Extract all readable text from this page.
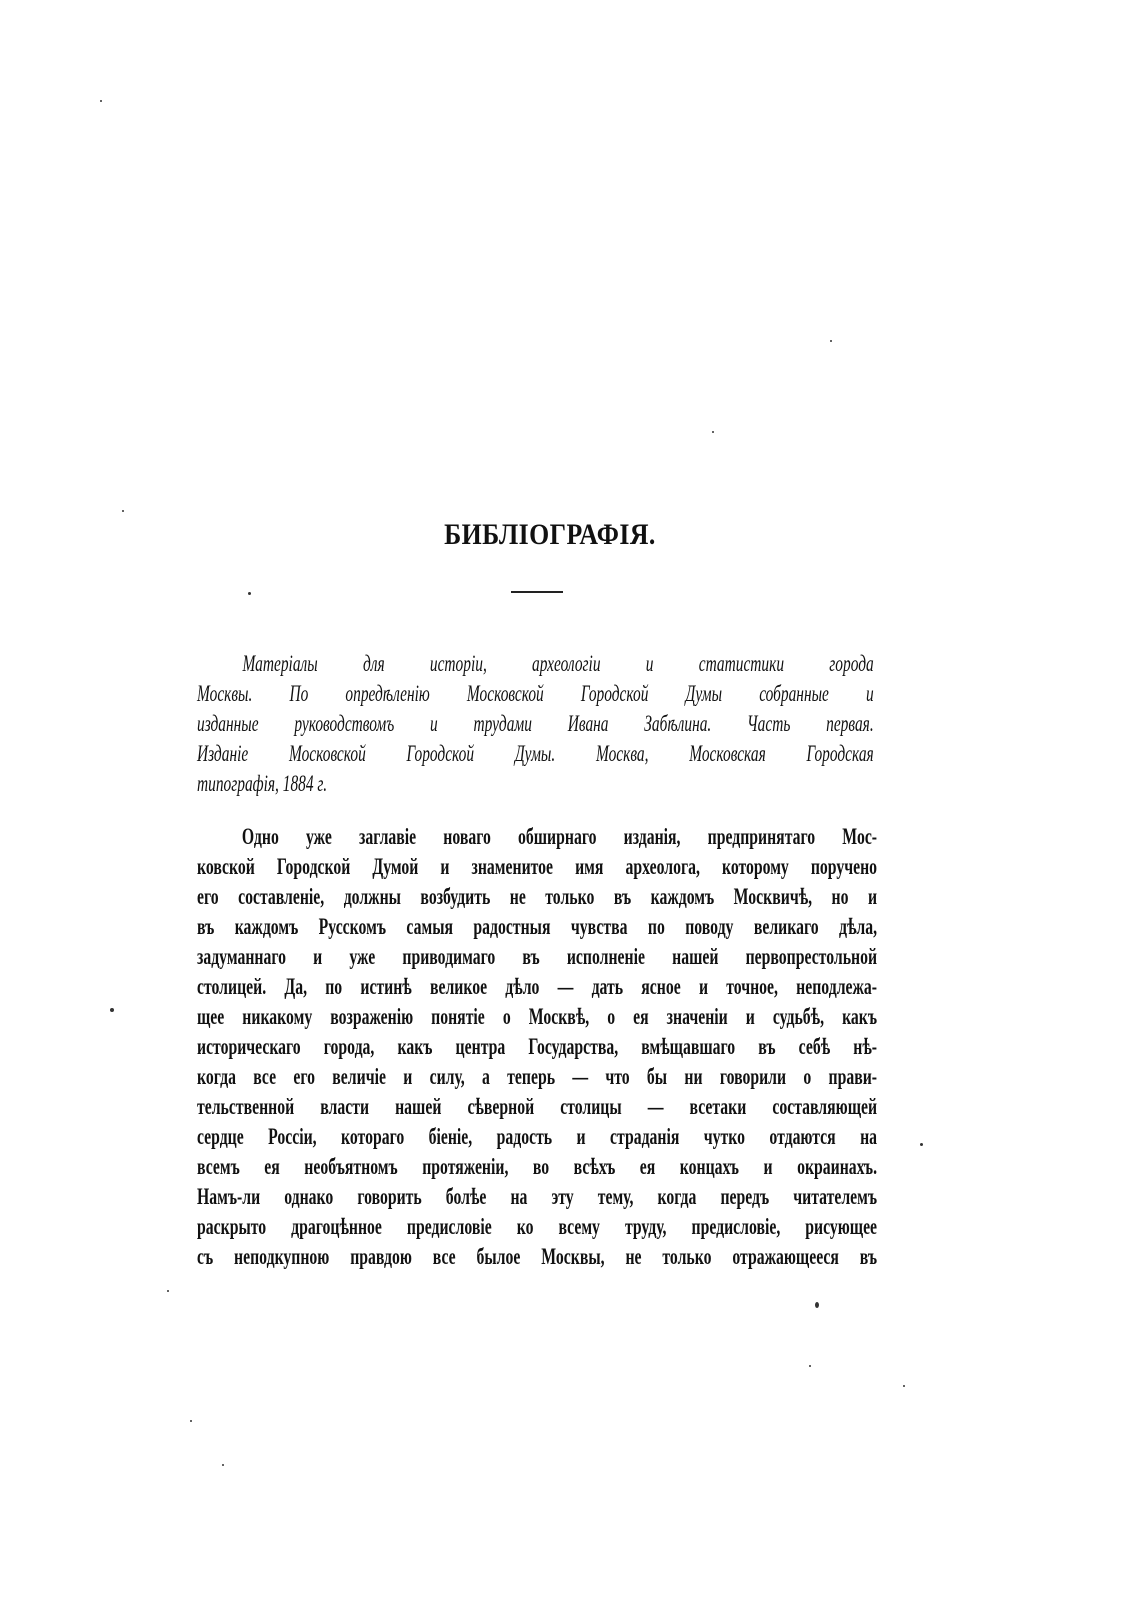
БИБЛІОГРАФІЯ.
Матеріалы для исторіи, археологіи и статистики города
Москвы. По опредѣленію Московской Городской Думы собранные и
изданные руководствомъ и трудами Ивана Забѣлина. Часть первая.
Изданіе Московской Городской Думы. Москва, Московская Городская
типографія, 1884 г.
Одно уже заглавіе новаго обширнаго изданія, предпринятаго Мос-
ковской Городской Думой и знаменитое имя археолога, которому поручено
его составленіе, должны возбудить не только въ каждомъ Москвичѣ, но и
въ каждомъ Русскомъ самыя радостныя чувства по поводу великаго дѣла,
задуманнаго и уже приводимаго въ исполненіе нашей первопрестольной
столицей. Да, по истинѣ великое дѣло — дать ясное и точное, неподлежа-
щее никакому возраженію понятіе о Москвѣ, о ея значеніи и судьбѣ, какъ
историческаго города, какъ центра Государства, вмѣщавшаго въ себѣ нѣ-
когда все его величіе и силу, а теперь — что бы ни говорили о прави-
тельственной власти нашей сѣверной столицы — всетаки составляющей
сердце Россіи, котораго біеніе, радость и страданія чутко отдаются на
всемъ ея необъятномъ протяженіи, во всѣхъ ея концахъ и окраинахъ.
Намъ-ли однако говорить болѣе на эту тему, когда передъ читателемъ
раскрыто драгоцѣнное предисловіе ко всему труду, предисловіе, рисующее
съ неподкупною правдою все былое Москвы, не только отражающееся въ
